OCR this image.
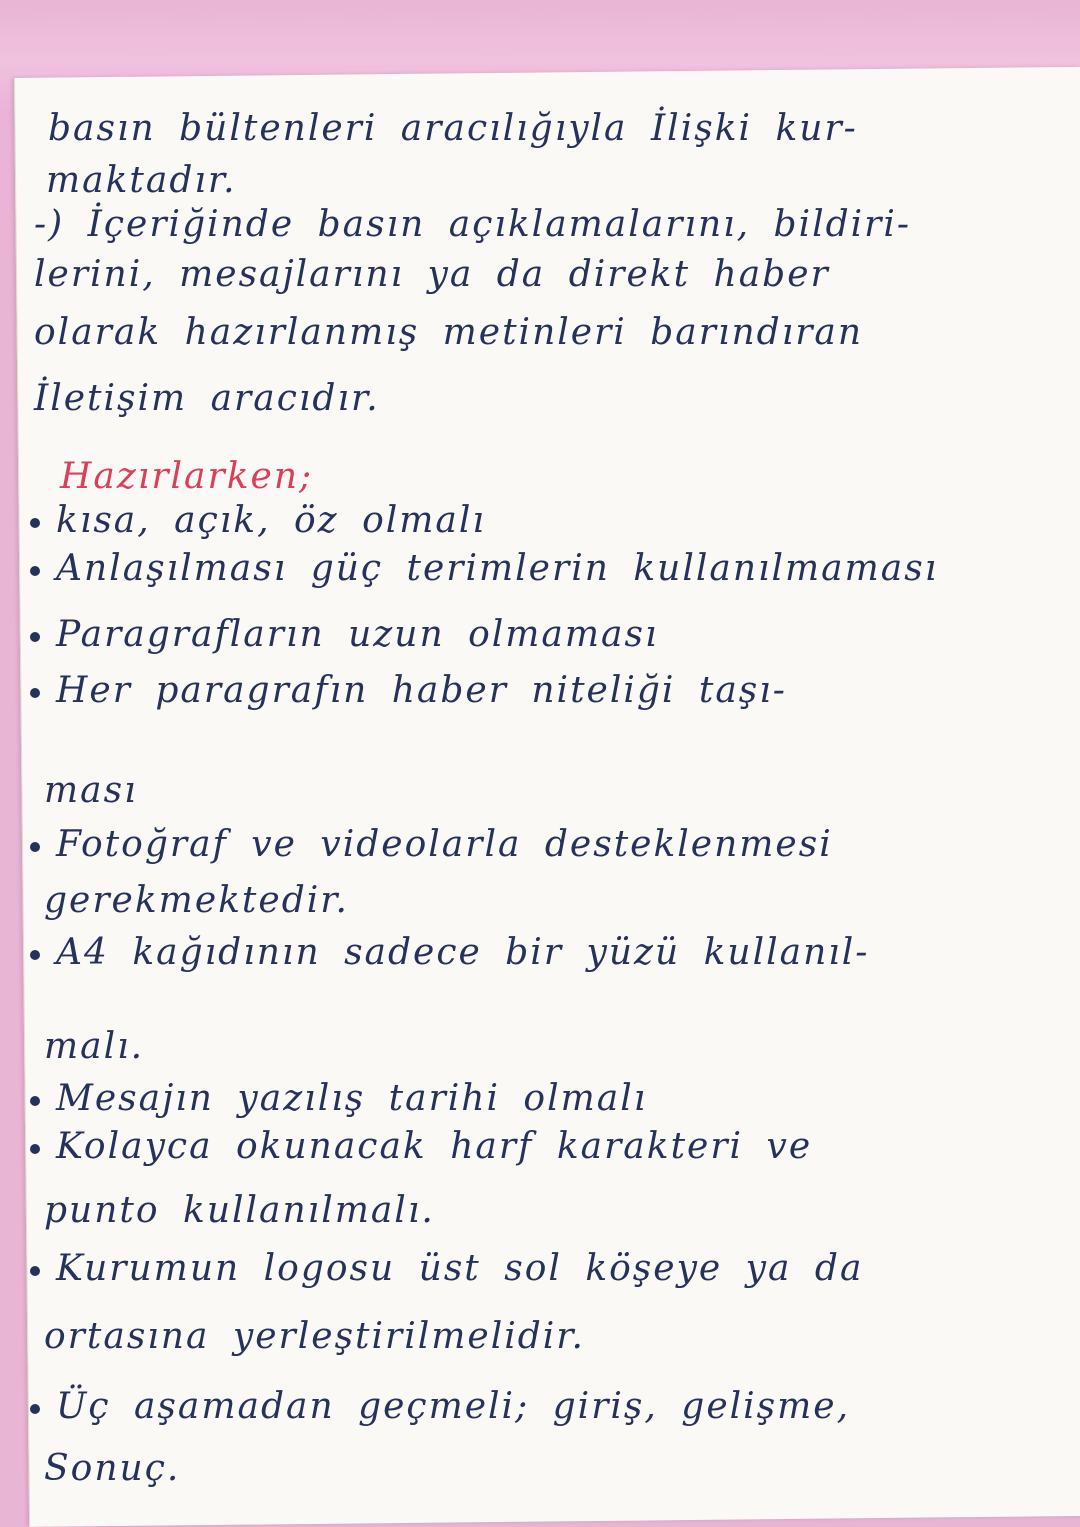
basın bültenleri aracılığıyla İlişki kur-
maktadır.
-) İçeriğinde basın açıklamalarını, bildiri-
lerini, mesajlarını ya da direkt haber
olarak hazırlanmış metinleri barındıran
İletişim aracıdır.
Hazırlarken;
kısa, açık, öz olmalı
Anlaşılması güç terimlerin kullanılmaması
Paragrafların uzun olmaması
Her paragrafın haber niteliği taşı-
ması
Fotoğraf ve videolarla desteklenmesi
gerekmektedir.
A4 kağıdının sadece bir yüzü kullanıl-
malı.
Mesajın yazılış tarihi olmalı
Kolayca okunacak harf karakteri ve
punto kullanılmalı.
Kurumun logosu üst sol köşeye ya da
ortasına yerleştirilmelidir.
Üç aşamadan geçmeli; giriş, gelişme,
Sonuç.
